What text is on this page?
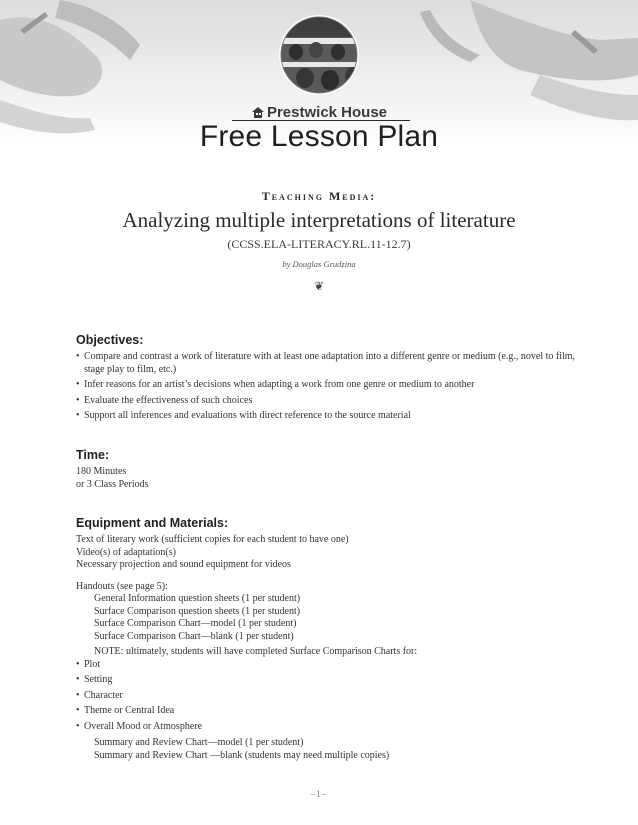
Prestwick House
Free Lesson Plan
Teaching Media:
Analyzing multiple interpretations of literature
(CCSS.ELA-LITERACY.RL.11-12.7)
by Douglas Grudzina
❦
Objectives:
• Compare and contrast a work of literature with at least one adaptation into a different genre or medium (e.g., novel to film, stage play to film, etc.)
• Infer reasons for an artist’s decisions when adapting a work from one genre or medium to another
• Evaluate the effectiveness of such choices
• Support all inferences and evaluations with direct reference to the source material
Time:
180 Minutes
or 3 Class Periods
Equipment and Materials:
Text of literary work (sufficient copies for each student to have one)
Video(s) of adaptation(s)
Necessary projection and sound equipment for videos
Handouts (see page 5):
General Information question sheets (1 per student)
Surface Comparison question sheets (1 per student)
Surface Comparison Chart—model (1 per student)
Surface Comparison Chart—blank (1 per student)
NOTE: ultimately, students will have completed Surface Comparison Charts for:
• Plot
• Setting
• Character
• Theme or Central Idea
• Overall Mood or Atmosphere
Summary and Review Chart—model (1 per student)
Summary and Review Chart —blank (students may need multiple copies)
–1–
